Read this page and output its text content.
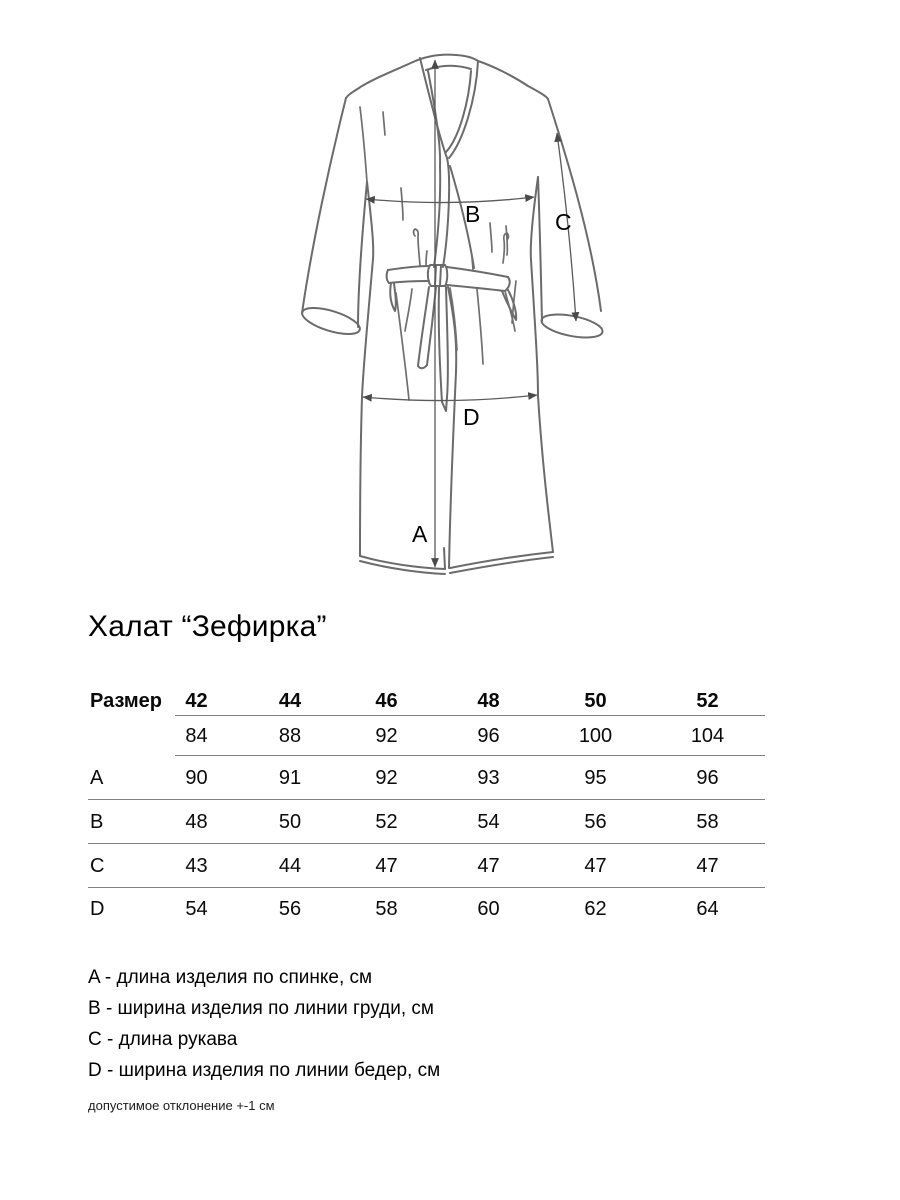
A
B	C
D
Халат “Зефирка”
Размер	42	44	46	48	50	52
84	88	92	96	100	104
A	90	91	92	93	95	96
B	48	50	52	54	56	58
C	43	44	47	47	47	47
D	54	56	58	60	62	64
A - длина изделия по спинке, см
B - ширина изделия по линии груди, см
C - длина рукава
D - ширина изделия по линии бедер, см
допустимое отклонение +-1 см
